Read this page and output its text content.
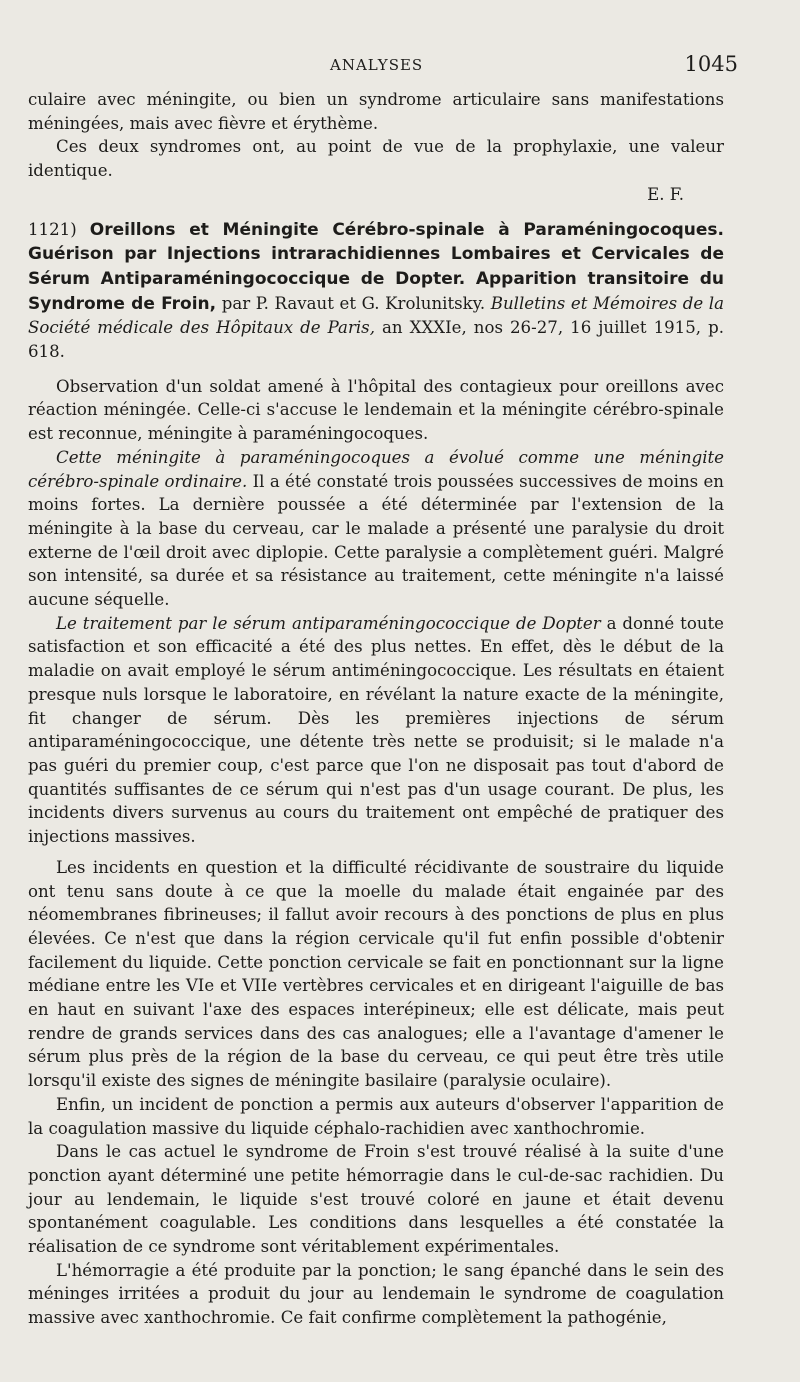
ANALYSES	1045

culaire avec méningite, ou bien un syndrome articulaire sans manifestations méningées, mais avec fièvre et érythème.

Ces deux syndromes ont, au point de vue de la prophylaxie, une valeur identique.

E. F.

1121) Oreillons et Méningite Cérébro-spinale à Paraméningocoques. Guérison par Injections intrarachidiennes Lombaires et Cervicales de Sérum Antiparaméningococcique de Dopter. Apparition transitoire du Syndrome de Froin, par P. Ravaut et G. Krolunitsky. Bulletins et Mémoires de la Société médicale des Hôpitaux de Paris, an XXXIe, nos 26-27, 16 juillet 1915, p. 618.

Observation d'un soldat amené à l'hôpital des contagieux pour oreillons avec réaction méningée. Celle-ci s'accuse le lendemain et la méningite cérébro-spinale est reconnue, méningite à paraméningocoques.

Cette méningite à paraméningocoques a évolué comme une méningite cérébro-spinale ordinaire. Il a été constaté trois poussées successives de moins en moins fortes. La dernière poussée a été déterminée par l'extension de la méningite à la base du cerveau, car le malade a présenté une paralysie du droit externe de l'œil droit avec diplopie. Cette paralysie a complètement guéri. Malgré son intensité, sa durée et sa résistance au traitement, cette méningite n'a laissé aucune séquelle.

Le traitement par le sérum antiparaméningococcique de Dopter a donné toute satisfaction et son efficacité a été des plus nettes. En effet, dès le début de la maladie on avait employé le sérum antiméningococcique. Les résultats en étaient presque nuls lorsque le laboratoire, en révélant la nature exacte de la méningite, fit changer de sérum. Dès les premières injections de sérum antiparaméningococcique, une détente très nette se produisit; si le malade n'a pas guéri du premier coup, c'est parce que l'on ne disposait pas tout d'abord de quantités suffisantes de ce sérum qui n'est pas d'un usage courant. De plus, les incidents divers survenus au cours du traitement ont empêché de pratiquer des injections massives.

Les incidents en question et la difficulté récidivante de soustraire du liquide ont tenu sans doute à ce que la moelle du malade était engainée par des néomembranes fibrineuses; il fallut avoir recours à des ponctions de plus en plus élevées. Ce n'est que dans la région cervicale qu'il fut enfin possible d'obtenir facilement du liquide. Cette ponction cervicale se fait en ponctionnant sur la ligne médiane entre les VIe et VIIe vertèbres cervicales et en dirigeant l'aiguille de bas en haut en suivant l'axe des espaces interépineux; elle est délicate, mais peut rendre de grands services dans des cas analogues; elle a l'avantage d'amener le sérum plus près de la région de la base du cerveau, ce qui peut être très utile lorsqu'il existe des signes de méningite basilaire (paralysie oculaire).

Enfin, un incident de ponction a permis aux auteurs d'observer l'apparition de la coagulation massive du liquide céphalo-rachidien avec xanthochromie.

Dans le cas actuel le syndrome de Froin s'est trouvé réalisé à la suite d'une ponction ayant déterminé une petite hémorragie dans le cul-de-sac rachidien. Du jour au lendemain, le liquide s'est trouvé coloré en jaune et était devenu spontanément coagulable. Les conditions dans lesquelles a été constatée la réalisation de ce syndrome sont véritablement expérimentales.

L'hémorragie a été produite par la ponction; le sang épanché dans le sein des méninges irritées a produit du jour au lendemain le syndrome de coagulation massive avec xanthochromie. Ce fait confirme complètement la pathogénie,
